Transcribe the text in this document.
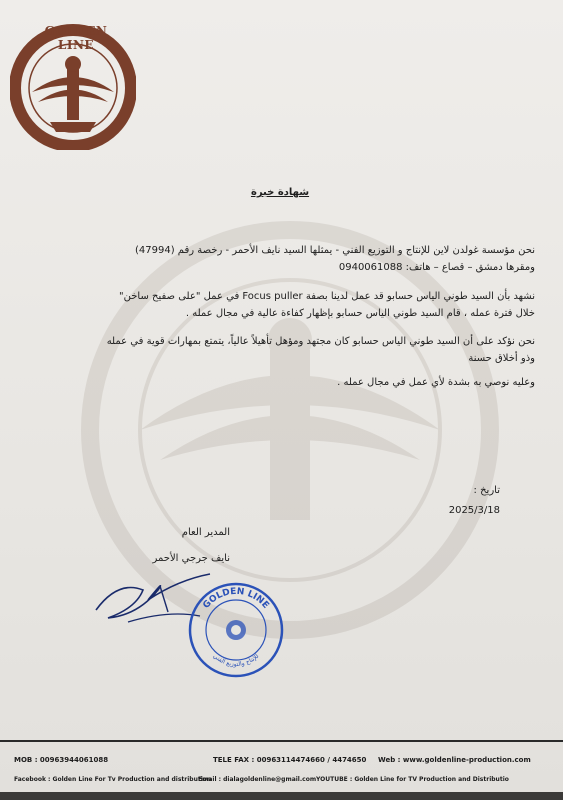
GOLDEN LINE
شهادة خبرة
نحن مؤسسة غولدن لاين للإنتاج و التوزيع الفني - يمثلها السيد نايف الأحمر - رخصة رقم (47994)
ومقرها دمشق – قصاع – هاتف: 0940061088
نشهد بأن السيد طوني الياس حسابو قد عمل لدينا بصفة Focus puller في عمل "على صفيح ساخن"
خلال فترة عمله ، قام السيد طوني الياس حسابو بإظهار كفاءة عالية في مجال عمله .
نحن نؤكد على أن السيد طوني الياس حسابو كان مجتهد ومؤهل تأهيلاً عالياً، يتمتع بمهارات قوية في عمله
وذو أخلاق حسنة
وعليه نوصي به بشدة لأي عمل في مجال عمله .
تاريخ :
2025/3/18
المدير العام
نايف جرجي الأحمر
GOLDEN LINE
للإنتاج والتوزيع الفني
MOB : 00963944061088	TELE FAX : 00963114474660 / 4474650 Web : www.goldenline-production.com
Facebook : Golden Line For Tv Production and distribution
Email : dialagoldenline@gmail.com YOUTUBE : Golden Line for TV Production and Distributio
